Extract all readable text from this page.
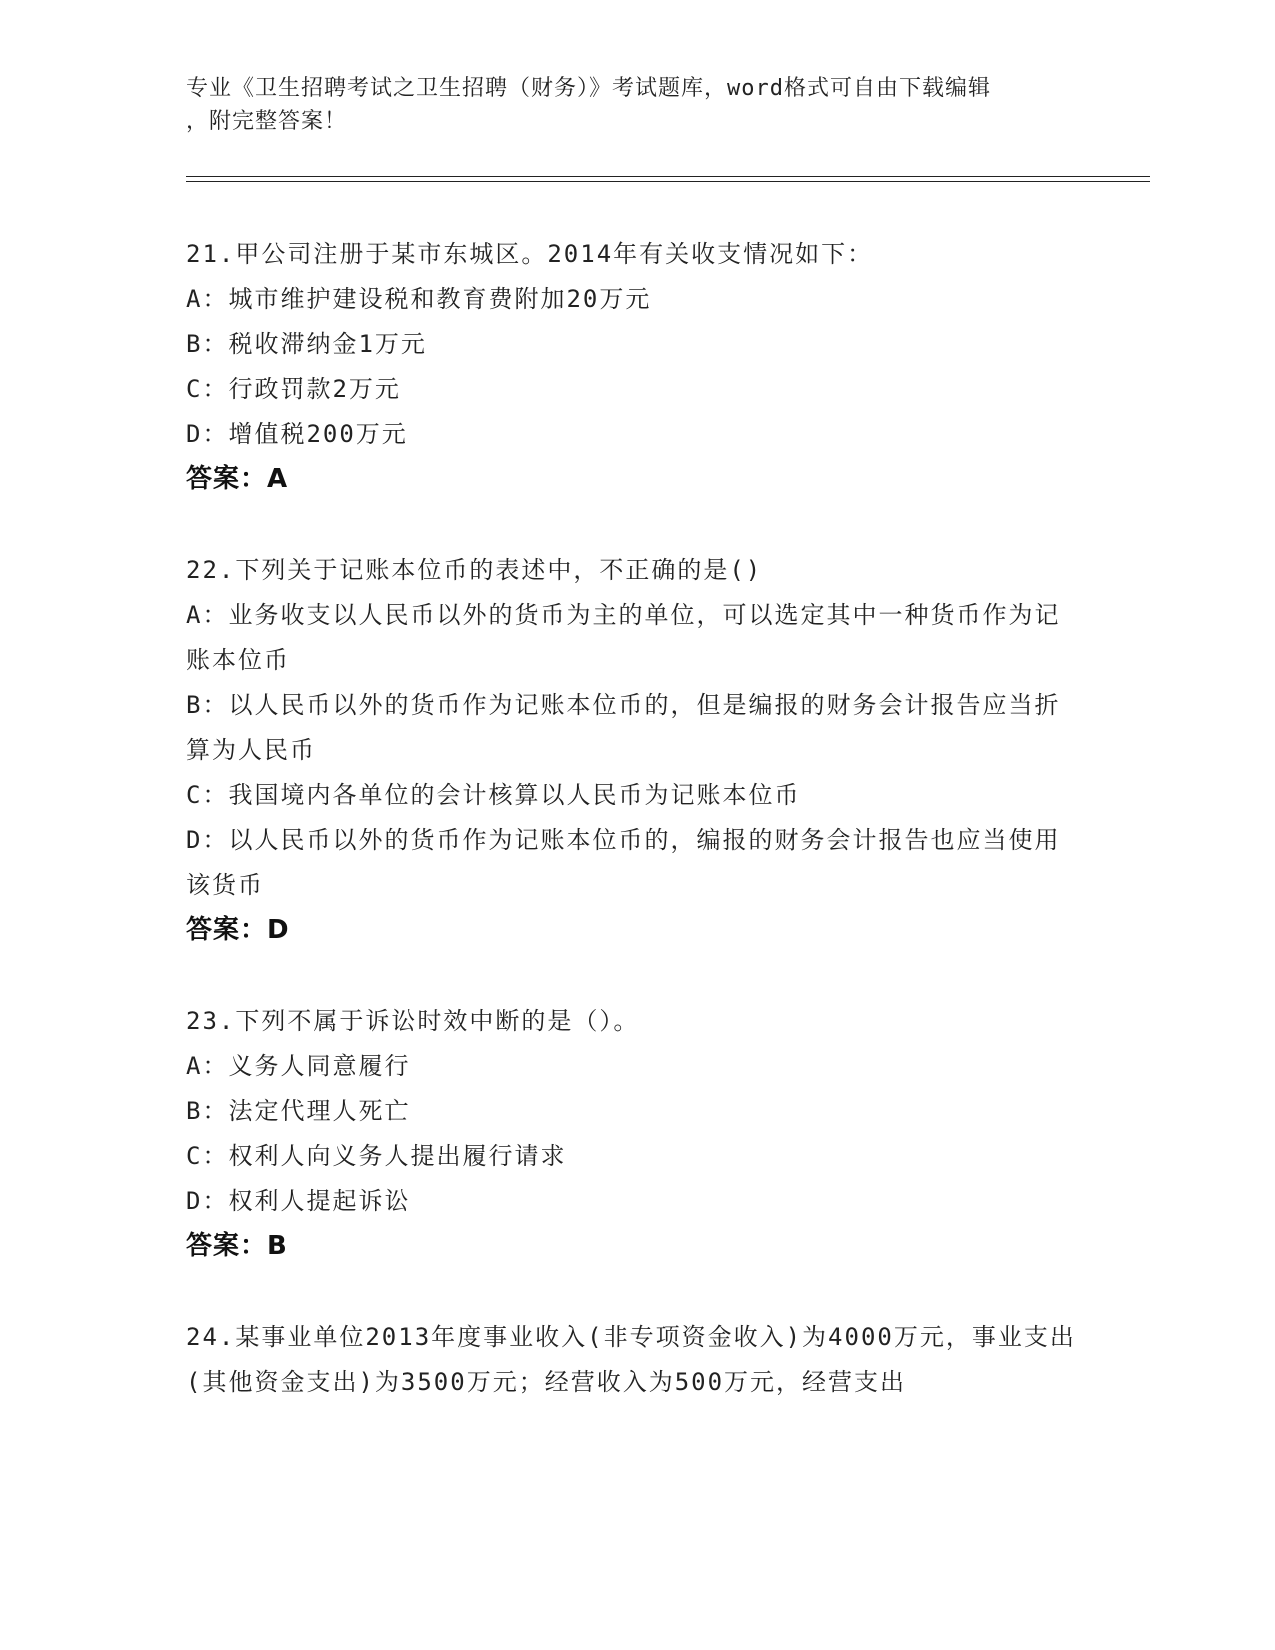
专业《卫生招聘考试之卫生招聘（财务）》考试题库，word格式可自由下载编辑
，附完整答案！
21.甲公司注册于某市东城区。2014年有关收支情况如下：
A：城市维护建设税和教育费附加20万元
B：税收滞纳金1万元
C：行政罚款2万元
D：增值税200万元
答案：A
22.下列关于记账本位币的表述中，不正确的是()
A：业务收支以人民币以外的货币为主的单位，可以选定其中一种货币作为记账本位币
B：以人民币以外的货币作为记账本位币的，但是编报的财务会计报告应当折算为人民币
C：我国境内各单位的会计核算以人民币为记账本位币
D：以人民币以外的货币作为记账本位币的，编报的财务会计报告也应当使用该货币
答案：D
23.下列不属于诉讼时效中断的是（）。
A：义务人同意履行
B：法定代理人死亡
C：权利人向义务人提出履行请求
D：权利人提起诉讼
答案：B
24.某事业单位2013年度事业收入(非专项资金收入)为4000万元，事业支出(其他资金支出)为3500万元；经营收入为500万元，经营支出
